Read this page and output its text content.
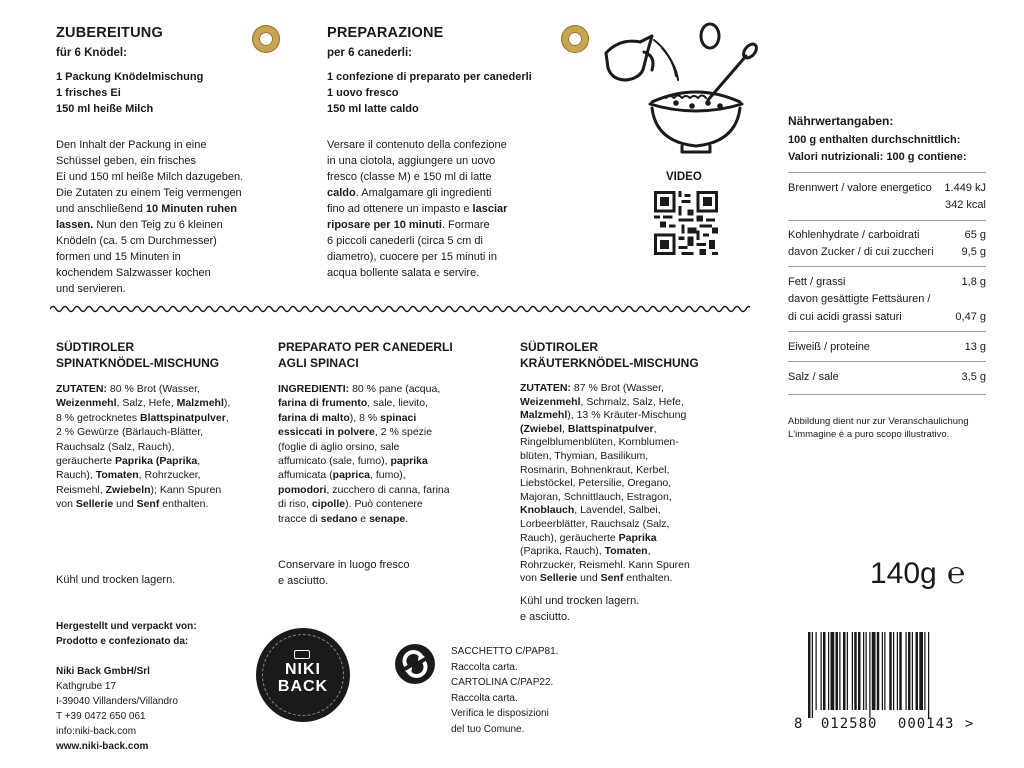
ZUBEREITUNG
für 6 Knödel:
1 Packung Knödelmischung
1 frisches Ei
150 ml heiße Milch
Den Inhalt der Packung in eine
Schüssel geben, ein frisches
Ei und 150 ml heiße Milch dazugeben.
Die Zutaten zu einem Teig vermengen
und anschließend 10 Minuten ruhen
lassen. Nun den Teig zu 6 kleinen
Knödeln (ca. 5 cm Durchmesser)
formen und 15 Minuten in
kochendem Salzwasser kochen
und servieren.
PREPARAZIONE
per 6 canederli:
1 confezione di preparato per canederli
1 uovo fresco
150 ml latte caldo
Versare il contenuto della confezione
in una ciotola, aggiungere un uovo
fresco (classe M) e 150 ml di latte
caldo. Amalgamare gli ingredienti
fino ad ottenere un impasto e lasciar
riposare per 10 minuti. Formare
6 piccoli canederli (circa 5 cm di
diametro), cuocere per 15 minuti in
acqua bollente salata e servire.
VIDEO
Nährwertangaben:
100 g enthalten durchschnittlich:
Valori nutrizionali: 100 g contiene:
Brennwert / valore energetico 1.449 kJ
342 kcal
Kohlenhydrate / carboidrati	65 g
davon Zucker / di cui zuccheri	9,5 g
Fett / grassi	1,8 g
davon gesättigte Fettsäuren /
di cui acidi grassi saturi	0,47 g
Eiweiß / proteine	13 g
Salz / sale	3,5 g
Abbildung dient nur zur Veranschaulichung
L'immagine è a puro scopo illustrativo.
SÜDTIROLER
SPINATKNÖDEL-MISCHUNG
ZUTATEN: 80 % Brot (Wasser,
Weizenmehl, Salz, Hefe, Malzmehl),
8 % getrocknetes Blattspinatpulver,
2 % Gewürze (Bärlauch-Blätter,
Rauchsalz (Salz, Rauch),
geräucherte Paprika (Paprika,
Rauch), Tomaten, Rohrzucker,
Reismehl, Zwiebeln); Kann Spuren
von Sellerie und Senf enthalten.
Kühl und trocken lagern.
PREPARATO PER CANEDERLI
AGLI SPINACI
INGREDIENTI: 80 % pane (acqua,
farina di frumento, sale, lievito,
farina di malto), 8 % spinaci
essiccati in polvere, 2 % spezie
(foglie di aglio orsino, sale
affumicato (sale, fumo), paprika
affumicata (paprica, fumo),
pomodori, zucchero di canna, farina
di riso, cipolle). Può contenere
tracce di sedano e senape.
Conservare in luogo fresco
e asciutto.
SÜDTIROLER
KRÄUTERKNÖDEL-MISCHUNG
ZUTATEN: 87 % Brot (Wasser,
Weizenmehl, Schmalz, Salz, Hefe,
Malzmehl), 13 % Kräuter-Mischung
(Zwiebel, Blattspinatpulver,
Ringelblumenblüten, Kornblumen-
blüten, Thymian, Basilikum,
Rosmarin, Bohnenkraut, Kerbel,
Liebstöckel, Petersilie, Oregano,
Majoran, Schnittlauch, Estragon,
Knoblauch, Lavendel, Salbei,
Lorbeerblätter, Rauchsalz (Salz,
Rauch), geräucherte Paprika
(Paprika, Rauch), Tomaten,
Rohrzucker, Reismehl. Kann Spuren
von Sellerie und Senf enthalten.
Kühl und trocken lagern.
e asciutto.
140g ℮
Hergestellt und verpackt von:
Prodotto e confezionato da:
Niki Back GmbH/Srl
Kathgrube 17
I-39040 Villanders/Villandro
T +39 0472 650 061
info:niki-back.com
www.niki-back.com
NIKI
BACK
SACCHETTO C/PAP81.
Raccolta carta.
CARTOLINA C/PAP22.
Raccolta carta.
Verifica le disposizioni
del tuo Comune.	8 012580 000143 >
